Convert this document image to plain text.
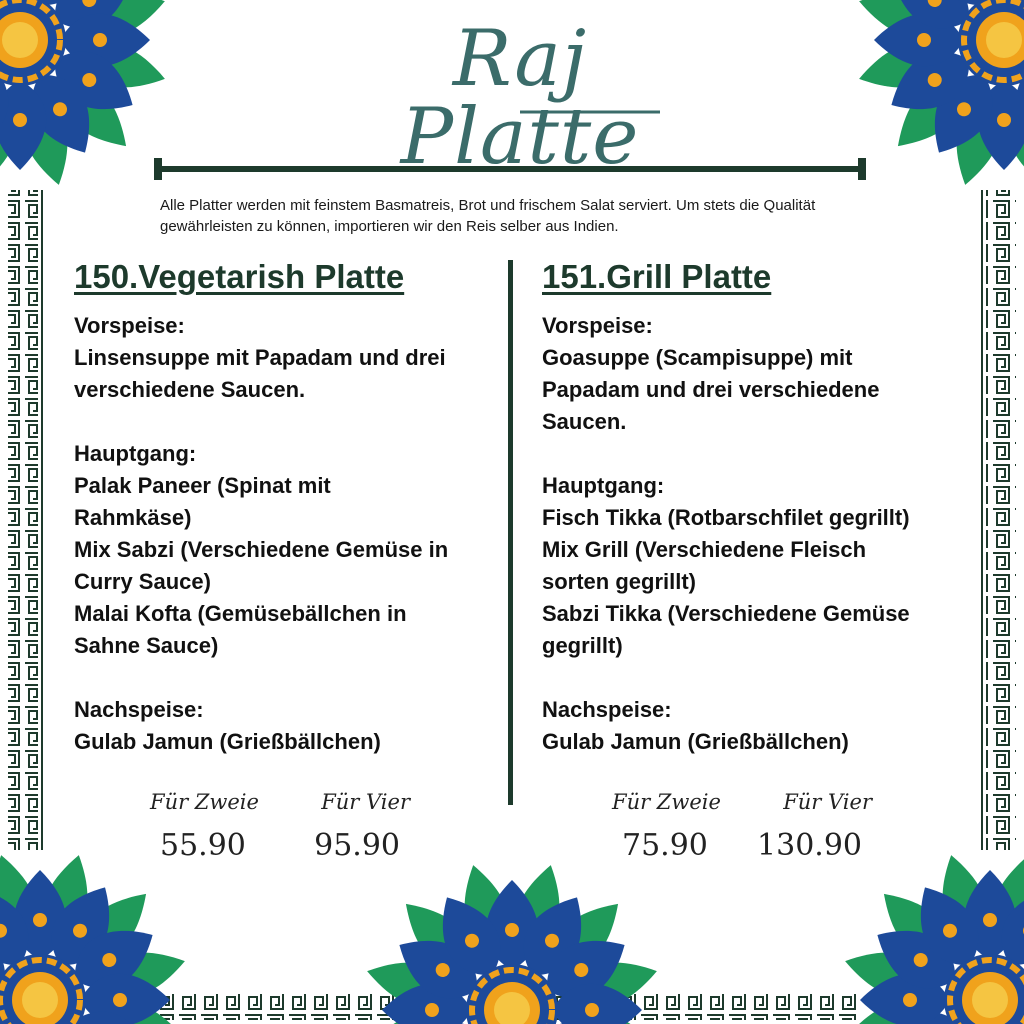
Raj Platte
Alle Platter werden mit feinstem Basmatreis, Brot und frischem Salat serviert. Um stets die Qualität gewährleisten zu können, importieren wir den Reis selber aus Indien.
150.Vegetarish Platte

Vorspeise:

Linsensuppe mit Papadam und drei

verschiedene Saucen.

Hauptgang:

Palak Paneer (Spinat mit

Rahmkäse)

Mix Sabzi (Verschiedene Gemüse in

Curry Sauce)

Malai Kofta (Gemüsebällchen in

Sahne Sauce)

Nachspeise:

Gulab Jamun (Grießbällchen)

151.Grill Platte

Vorspeise:

Goasuppe (Scampisuppe) mit

Papadam und drei verschiedene

Saucen.

Hauptgang:

Fisch Tikka (Rotbarschfilet gegrillt)

Mix Grill (Verschiedene Fleisch

sorten gegrillt)

Sabzi Tikka (Verschiedene Gemüse

gegrillt)

Nachspeise:

Gulab Jamun (Grießbällchen)

Für Zweie	Für Vier
55.90 95.90
Für Zweie	Für Vier
75.90 130.90
